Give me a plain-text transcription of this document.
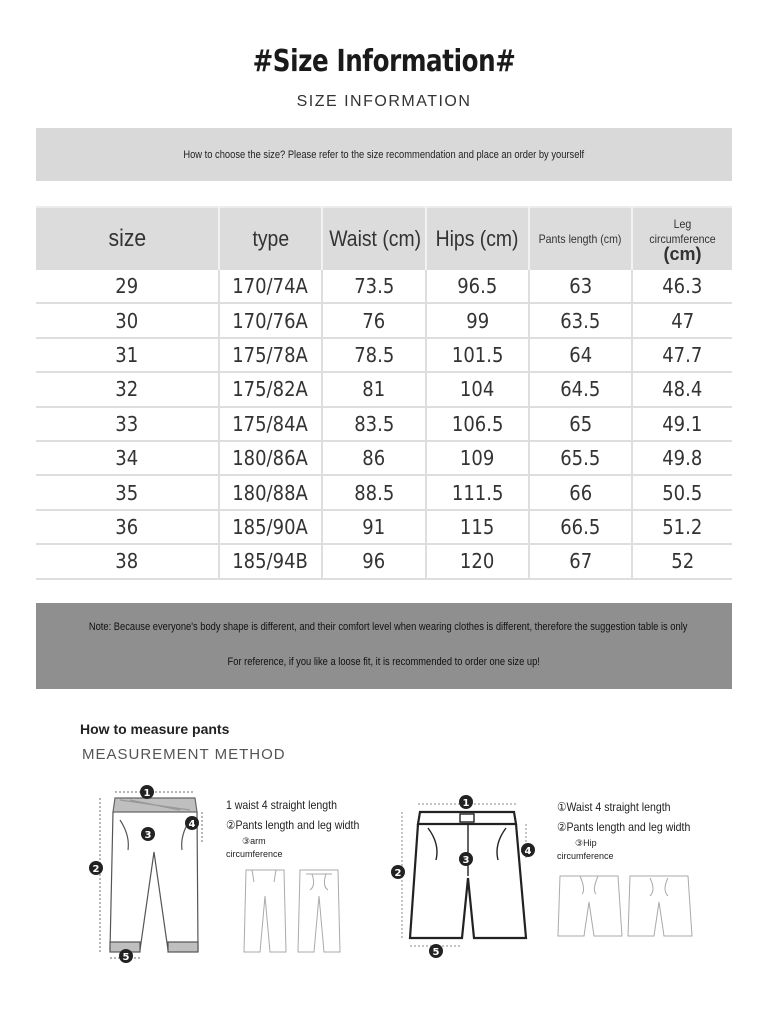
#Size Information#
SIZE INFORMATION
How to choose the size? Please refer to the size recommendation and place an order by yourself
size	type	Waist (cm)	Hips (cm)	Pants length (cm)	Leg
circumference
(cm)

29	170/74A	73.5	96.5	63	46.3
30	170/76A	76	99	63.5	47
31	175/78A	78.5	101.5	64	47.7
32	175/82A	81	104	64.5	48.4
33	175/84A	83.5	106.5	65	49.1
34	180/86A	86	109	65.5	49.8
35	180/88A	88.5	111.5	66	50.5
36	185/90A	91	115	66.5	51.2
38	185/94B	96	120	67	52
Note: Because everyone's body shape is different, and their comfort level when wearing clothes is different, therefore the suggestion table is only
For reference, if you like a loose fit, it is recommended to order one size up!
How to measure pants
MEASUREMENT METHOD
1
2
3
4
5
1 waist 4 straight length
②Pants length and leg width
③arm
circumference
1
2
3
4
5
①Waist 4 straight length
②Pants length and leg width
③Hip
circumference
